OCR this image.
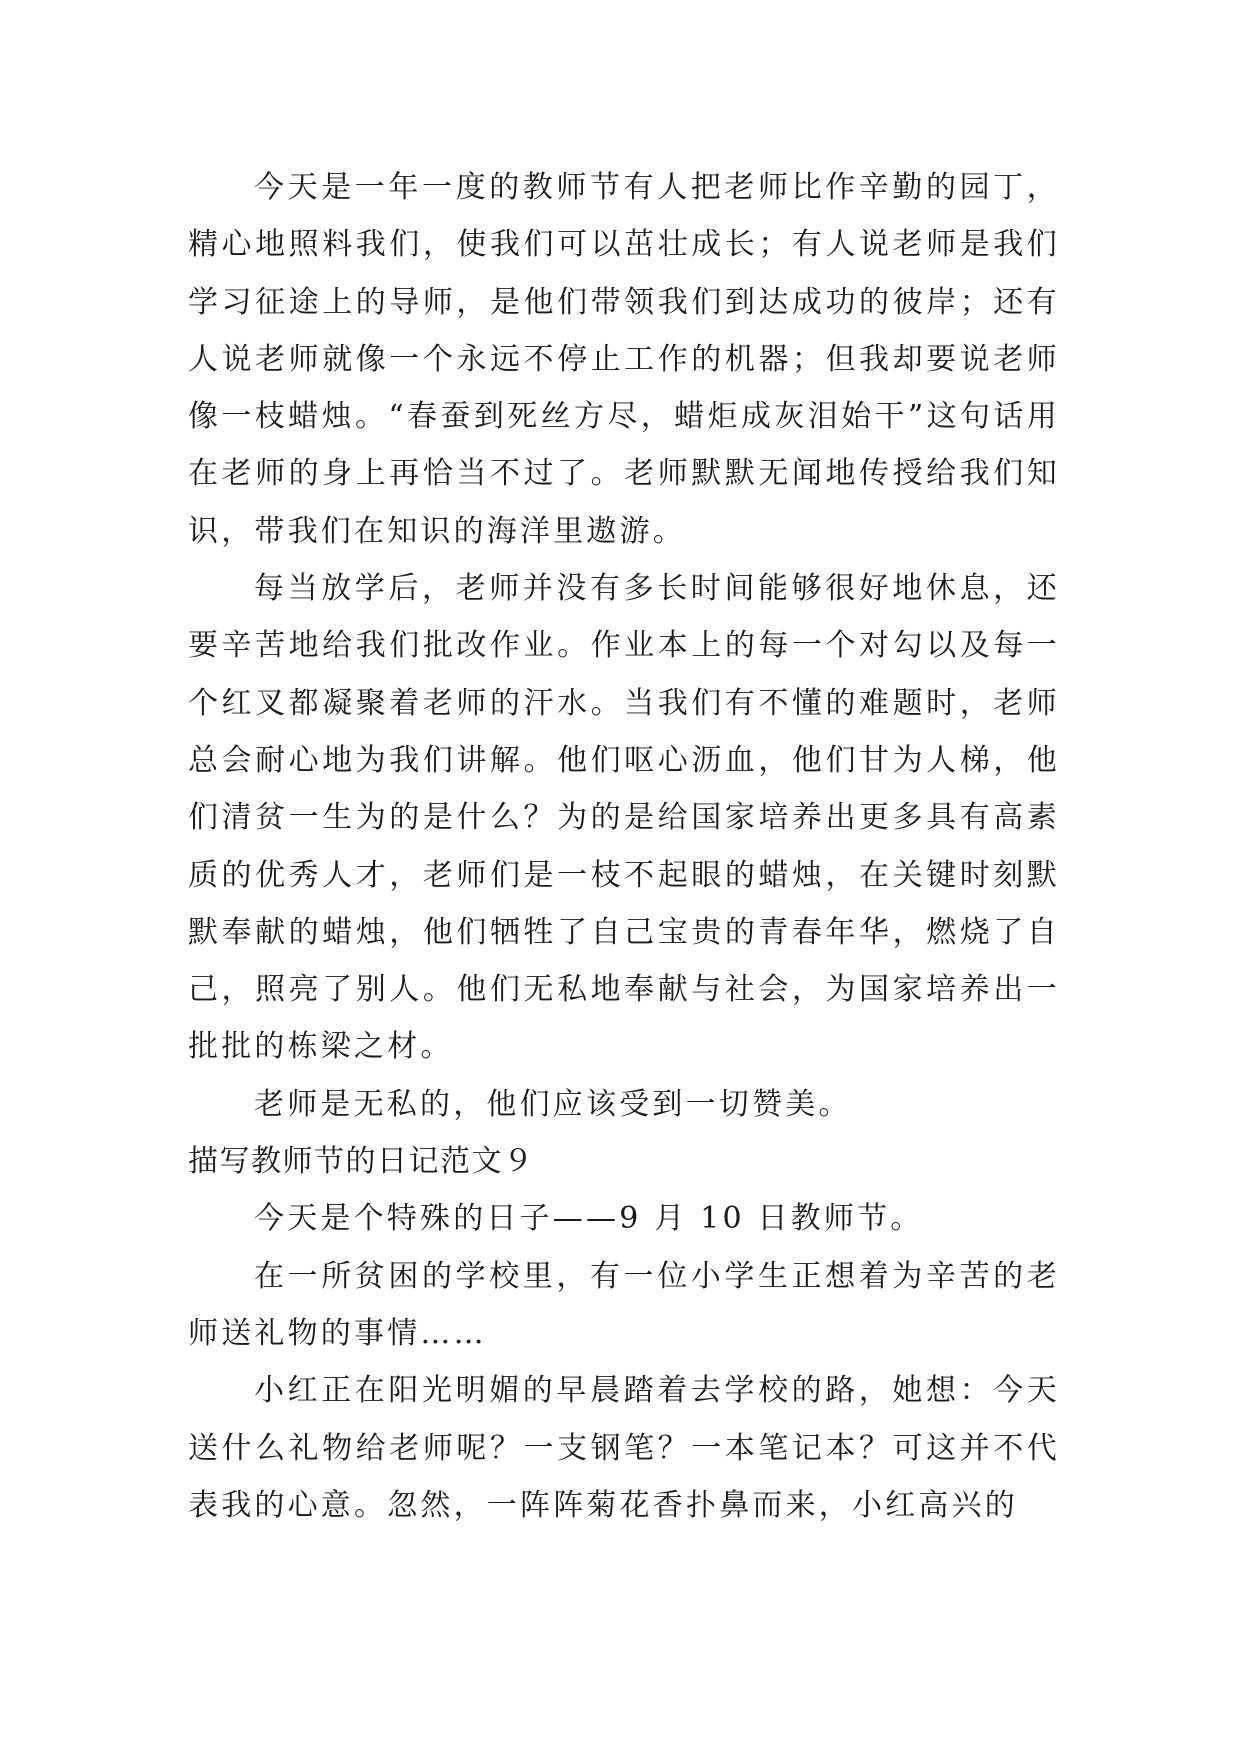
今天是一年一度的教师节有人把老师比作辛勤的园丁，精心地照料我们，使我们可以茁壮成长；有人说老师是我们学习征途上的导师，是他们带领我们到达成功的彼岸；还有人说老师就像一个永远不停止工作的机器；但我却要说老师像一枝蜡烛。“春蚕到死丝方尽，蜡炬成灰泪始干”这句话用在老师的身上再恰当不过了。老师默默无闻地传授给我们知识，带我们在知识的海洋里遨游。

每当放学后，老师并没有多长时间能够很好地休息，还要辛苦地给我们批改作业。作业本上的每一个对勾以及每一个红叉都凝聚着老师的汗水。当我们有不懂的难题时，老师总会耐心地为我们讲解。他们呕心沥血，他们甘为人梯，他们清贫一生为的是什么？为的是给国家培养出更多具有高素质的优秀人才，老师们是一枝不起眼的蜡烛，在关键时刻默默奉献的蜡烛，他们牺牲了自己宝贵的青春年华，燃烧了自己，照亮了别人。他们无私地奉献与社会，为国家培养出一批批的栋梁之材。

老师是无私的，他们应该受到一切赞美。

描写教师节的日记范文９

今天是个特殊的日子——9 月 10 日教师节。

在一所贫困的学校里，有一位小学生正想着为辛苦的老师送礼物的事情……

小红正在阳光明媚的早晨踏着去学校的路，她想：今天送什么礼物给老师呢？一支钢笔？一本笔记本？可这并不代表我的心意。忽然，一阵阵菊花香扑鼻而来，小红高兴的
